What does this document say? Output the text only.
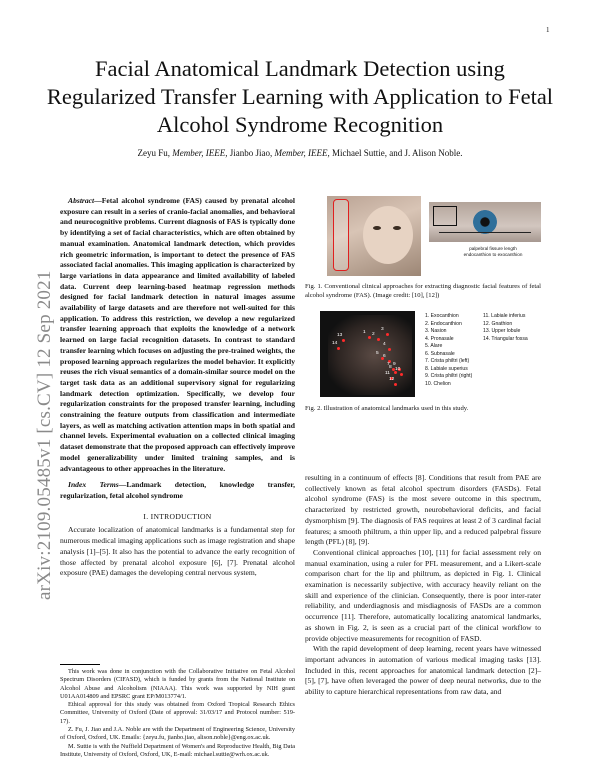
1
arXiv:2109.05485v1 [cs.CV] 12 Sep 2021
Facial Anatomical Landmark Detection using Regularized Transfer Learning with Application to Fetal Alcohol Syndrome Recognition
Zeyu Fu, Member, IEEE, Jianbo Jiao, Member, IEEE, Michael Suttie, and J. Alison Noble.

Abstract—Fetal alcohol syndrome (FAS) caused by prenatal alcohol exposure can result in a series of cranio-facial anomalies, and behavioral and neurocognitive problems. Current diagnosis of FAS is typically done by identifying a set of facial characteristics, which are often obtained by manual examination. Anatomical landmark detection, which provides rich geometric information, is important to detect the presence of FAS associated facial anomalies. This imaging application is characterized by large variations in data appearance and limited availability of labeled data. Current deep learning-based heatmap regression methods designed for facial landmark detection in natural images assume availability of large datasets and are therefore not well-suited for this application. To address this restriction, we develop a new regularized transfer learning approach that exploits the knowledge of a network learned on large facial recognition datasets. In contrast to standard transfer learning which focuses on adjusting the pre-trained weights, the proposed learning approach regularizes the model behavior. It explicitly reuses the rich visual semantics of a domain-similar source model on the target task data as an additional supervisory signal for regularizing landmark detection optimization. Specifically, we develop four regularization constraints for the proposed transfer learning, including constraining the feature outputs from classification and intermediate layers, as well as matching activation attention maps in both spatial and channel levels. Experimental evaluation on a collected clinical imaging dataset demonstrate that the proposed approach can effectively improve model generalizability under limited training samples, and is advantageous to other approaches in the literature.

Index Terms—Landmark detection, knowledge transfer, regularization, fetal alcohol syndrome

I. INTRODUCTION

Accurate localization of anatomical landmarks is a fundamental step for numerous medical imaging applications such as image registration and shape analysis [1]–[5]. It also has the potential to advance the early recognition of those affected by prenatal alcohol exposure [6], [7]. Prenatal alcohol exposure (PAE) damages the developing central nervous system,

This work was done in conjunction with the Collaborative Initiative on Fetal Alcohol Spectrum Disorders (CIFASD), which is funded by grants from the National Institute on Alcohol Abuse and Alcoholism (NIAAA). This work was supported by NIH grant U01AA014809 and EPSRC grant EP/M013774/1.

Ethical approval for this study was obtained from Oxford Tropical Research Ethics Committee, University of Oxford (Date of approval: 31/03/17 and Protocol number: 519-17).

Z. Fu, J. Jiao and J.A. Noble are with the Department of Engineering Science, University of Oxford, Oxford, UK. Emails: {zeyu.fu, jianbo.jiao, alison.noble}@eng.ox.ac.uk.

M. Suttie is with the Nuffield Department of Women's and Reproductive Health, Big Data Institute, University of Oxford, Oxford, UK, E-mail: michael.suttie@wrh.ox.ac.uk.

palpebral fissure length
endocanthion to exocanthion
Fig. 1. Conventional clinical approaches for extracting diagnostic facial features of fetal alcohol syndrome (FAS). (Image credit: [10], [12])
1 2
3
4
5
6
7
8
9
10
11
12
13
14
1. Exocanthion
2. Endocanthion
3. Nasion
4. Pronasale
5. Alare
6. Subnasale
7. Crista philtri (left)
8. Labiale superius
9. Crista philtri (right)
10. Chelion
11. Labiale inferius
12. Gnathion
13. Upper lobule
14. Triangular fossa
Fig. 2. Illustration of anatomical landmarks used in this study.

resulting in a continuum of effects [8]. Conditions that result from PAE are collectively known as fetal alcohol spectrum disorders (FASDs). Fetal alcohol syndrome (FAS) is the most severe outcome in this spectrum, characterized by restricted growth, neurobehavioral deficits, and facial dysmorphism [9]. The diagnosis of FAS requires at least 2 of 3 cardinal facial features; a smooth philtrum, a thin upper lip, and a reduced palpebral fissure length (PFL) [8], [9].

Conventional clinical approaches [10], [11] for facial assessment rely on manual examination, using a ruler for PFL measurement, and a Likert-scale comparison chart for the lip and philtrum, as depicted in Fig. 1. Clinical examination is necessarily subjective, with accuracy heavily reliant on the skill and experience of the clinician. Consequently, there is poor inter-rater reliability, and underdiagnosis and misdiagnosis of FASDs are a common occurrence [11]. Therefore, automatically localizing anatomical landmarks, as shown in Fig. 2, is seen as a crucial part of the clinical workflow to provide objective measurements for recognition of FASD.

With the rapid development of deep learning, recent years have witnessed important advances in automation of various medical imaging tasks [13]. Included in this, recent approaches for anatomical landmark detection [2]–[5], [7], have often leveraged the power of deep neural networks, due to the ability to capture hierarchical representations from raw data, and
